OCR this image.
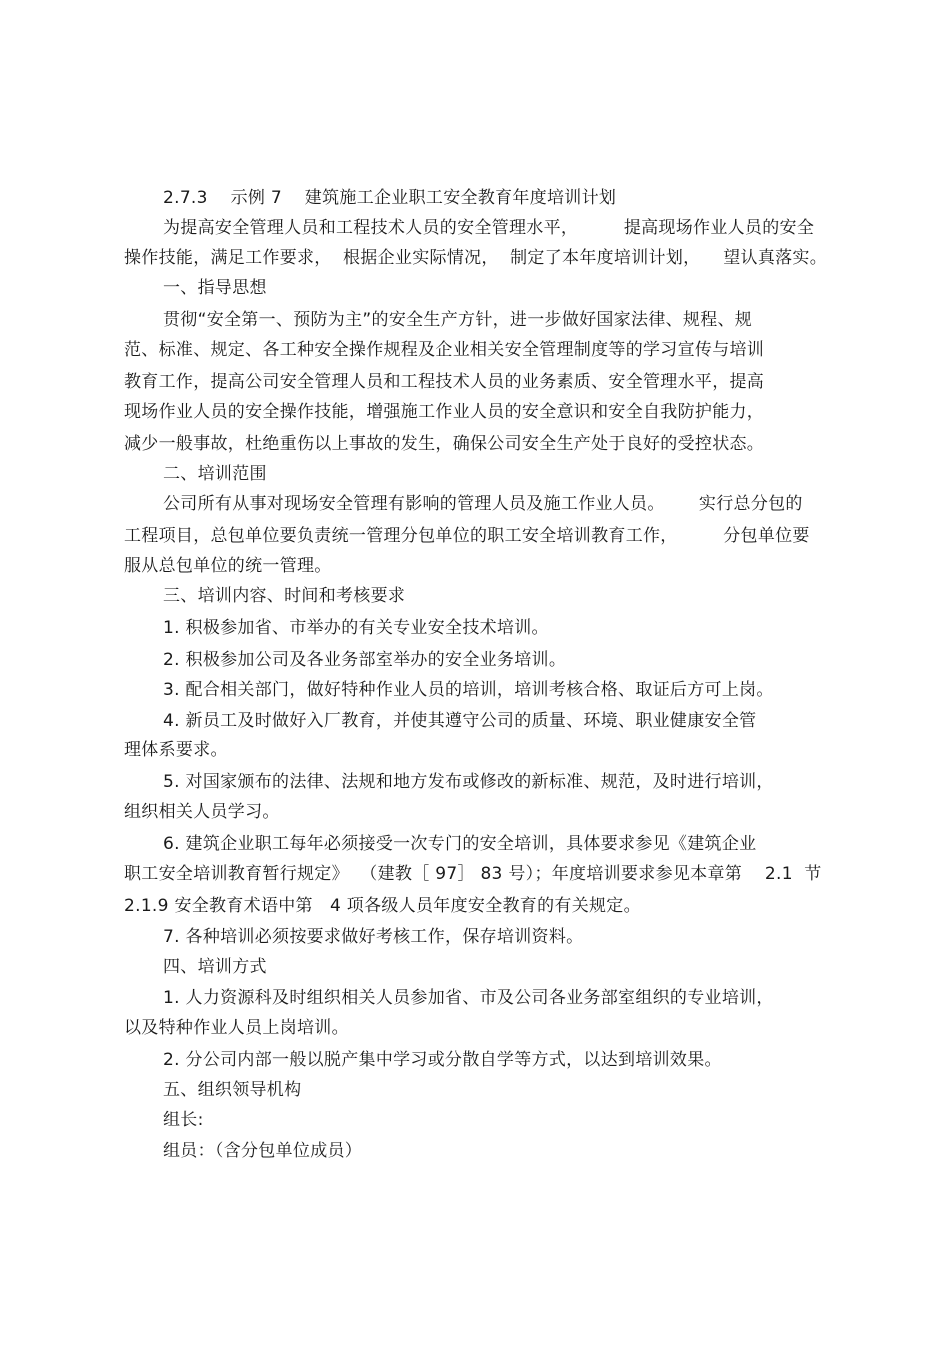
2.7.3    示例 7    建筑施工企业职工安全教育年度培训计划
为提高安全管理人员和工程技术人员的安全管理水平，        提高现场作业人员的安全
操作技能，满足工作要求，  根据企业实际情况，  制定了本年度培训计划，    望认真落实。
一、指导思想
贯彻“安全第一、预防为主”的安全生产方针，进一步做好国家法律、规程、规
范、标准、规定、各工种安全操作规程及企业相关安全管理制度等的学习宣传与培训
教育工作，提高公司安全管理人员和工程技术人员的业务素质、安全管理水平，提高
现场作业人员的安全操作技能，增强施工作业人员的安全意识和安全自我防护能力，
减少一般事故，杜绝重伤以上事故的发生，确保公司安全生产处于良好的受控状态。
二、培训范围
公司所有从事对现场安全管理有影响的管理人员及施工作业人员。      实行总分包的
工程项目，总包单位要负责统一管理分包单位的职工安全培训教育工作，        分包单位要
服从总包单位的统一管理。
三、培训内容、时间和考核要求
1. 积极参加省、市举办的有关专业安全技术培训。
2. 积极参加公司及各业务部室举办的安全业务培训。
3. 配合相关部门，做好特种作业人员的培训，培训考核合格、取证后方可上岗。
4. 新员工及时做好入厂教育，并使其遵守公司的质量、环境、职业健康安全管
理体系要求。
5. 对国家颁布的法律、法规和地方发布或修改的新标准、规范，及时进行培训，
组织相关人员学习。
6. 建筑企业职工每年必须接受一次专门的安全培训，具体要求参见《建筑企业
职工安全培训教育暂行规定》  （建教［ 97］ 83 号）；年度培训要求参见本章第    2.1  节
2.1.9 安全教育术语中第   4 项各级人员年度安全教育的有关规定。
7. 各种培训必须按要求做好考核工作，保存培训资料。
四、培训方式
1. 人力资源科及时组织相关人员参加省、市及公司各业务部室组织的专业培训，
以及特种作业人员上岗培训。
2. 分公司内部一般以脱产集中学习或分散自学等方式，以达到培训效果。
五、组织领导机构
组长:
组员：（含分包单位成员）
